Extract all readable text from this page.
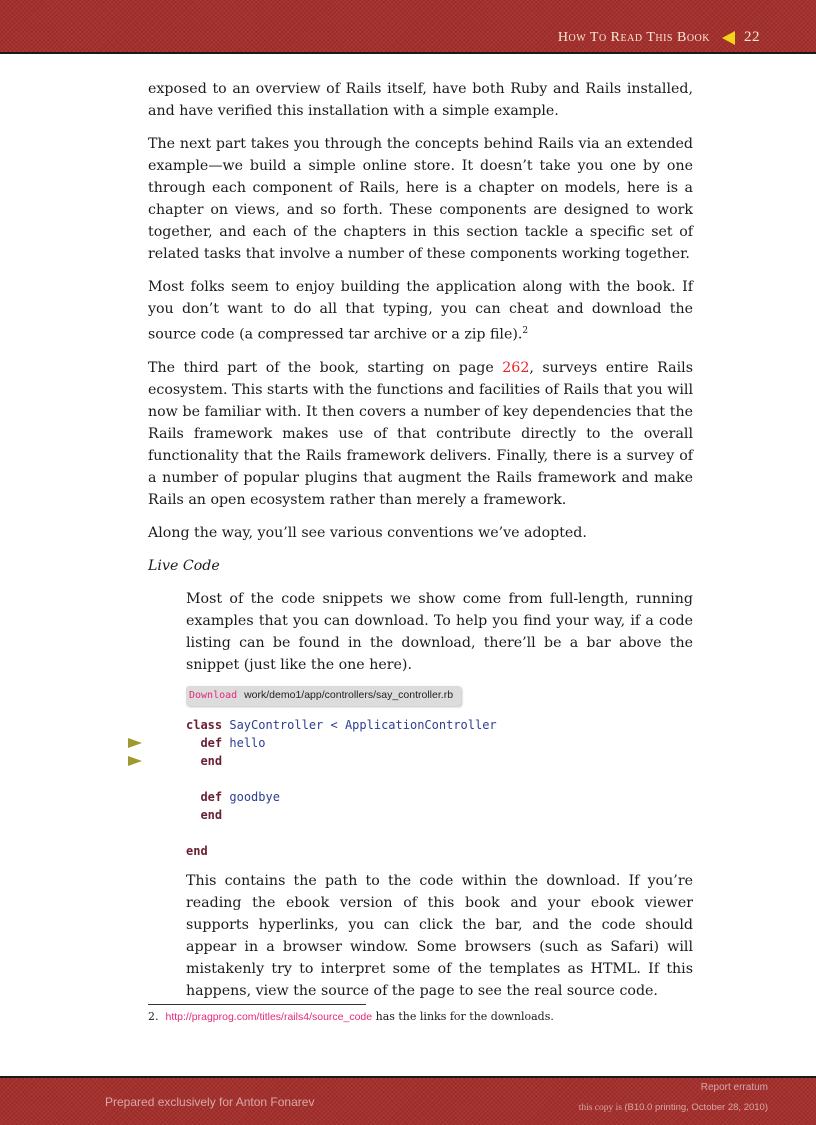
How To Read This Book 22

exposed to an overview of Rails itself, have both Ruby and Rails installed, and have verified this installation with a simple example.

The next part takes you through the concepts behind Rails via an extended example—we build a simple online store. It doesn’t take you one by one through each component of Rails, here is a chapter on models, here is a chapter on views, and so forth. These components are designed to work together, and each of the chapters in this section tackle a specific set of related tasks that involve a number of these components working together.

Most folks seem to enjoy building the application along with the book. If you don’t want to do all that typing, you can cheat and download the source code (a compressed tar archive or a zip file).$^2$

The third part of the book, starting on page 262, surveys entire Rails ecosystem. This starts with the functions and facilities of Rails that you will now be familiar with. It then covers a number of key dependencies that the Rails framework makes use of that contribute directly to the overall functionality that the Rails framework delivers. Finally, there is a survey of a number of popular plugins that augment the Rails framework and make Rails an open ecosystem rather than merely a framework.

Along the way, you’ll see various conventions we’ve adopted.

Live Code

Most of the code snippets we show come from full-length, running examples that you can download. To help you find your way, if a code listing can be found in the download, there’ll be a bar above the snippet (just like the one here).

Download work/demo1/app/controllers/say_controller.rb
class SayController < ApplicationController
def hello
end

def goodbye
end

end

This contains the path to the code within the download. If you’re reading the ebook version of this book and your ebook viewer supports hyperlinks, you can click the bar, and the code should appear in a browser window. Some browsers (such as Safari) will mistakenly try to interpret some of the templates as HTML. If this happens, view the source of the page to see the real source code.

2. http://pragprog.com/titles/rails4/source_code has the links for the downloads.
Prepared exclusively for Anton Fonarev
Report erratum
this copy is (B10.0 printing, October 28, 2010)
